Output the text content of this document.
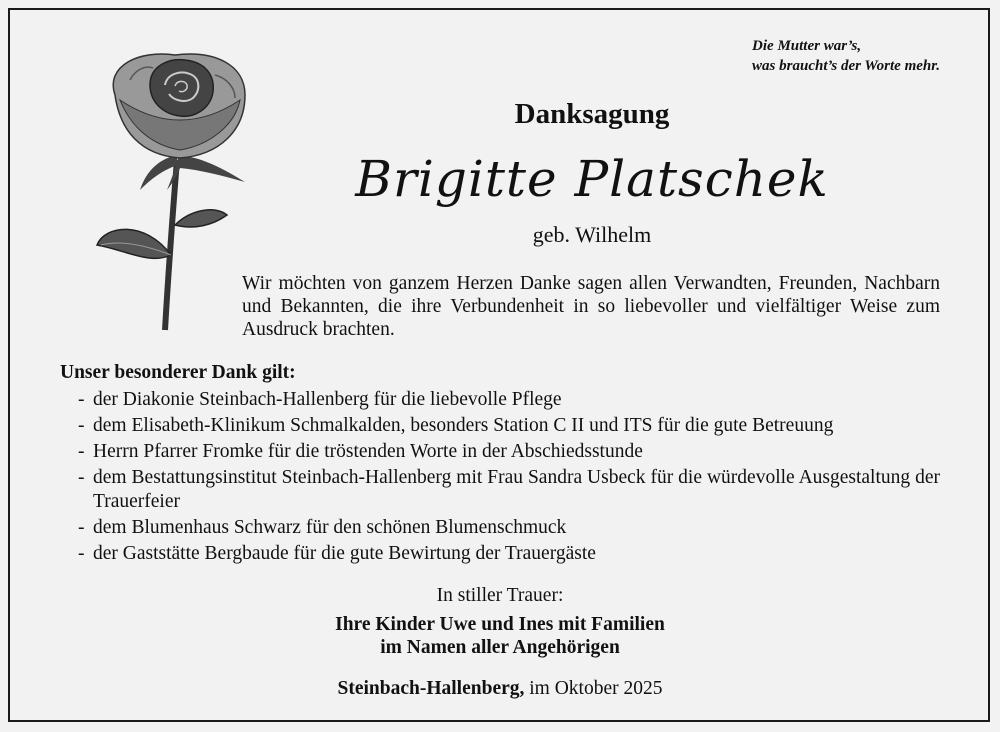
Die Mutter war’s,
was braucht’s der Worte mehr.
Danksagung
Brigitte Platschek
geb. Wilhelm
Wir möchten von ganzem Herzen Danke sagen allen Verwandten, Freunden, Nachbarn und Bekannten, die ihre Verbundenheit in so liebevoller und vielfältiger Weise zum Ausdruck brachten.
Unser besonderer Dank gilt:
- der Diakonie Steinbach-Hallenberg für die liebevolle Pflege
- dem Elisabeth-Klinikum Schmalkalden, besonders Station C II und ITS für die gute Betreuung
- Herrn Pfarrer Fromke für die tröstenden Worte in der Abschiedsstunde
- dem Bestattungsinstitut Steinbach-Hallenberg mit Frau Sandra Usbeck für die würdevolle Ausgestaltung der Trauerfeier
- dem Blumenhaus Schwarz für den schönen Blumenschmuck
- der Gaststätte Bergbaude für die gute Bewirtung der Trauergäste
In stiller Trauer:
Ihre Kinder Uwe und Ines mit Familien
im Namen aller Angehörigen
Steinbach-Hallenberg, im Oktober 2025
